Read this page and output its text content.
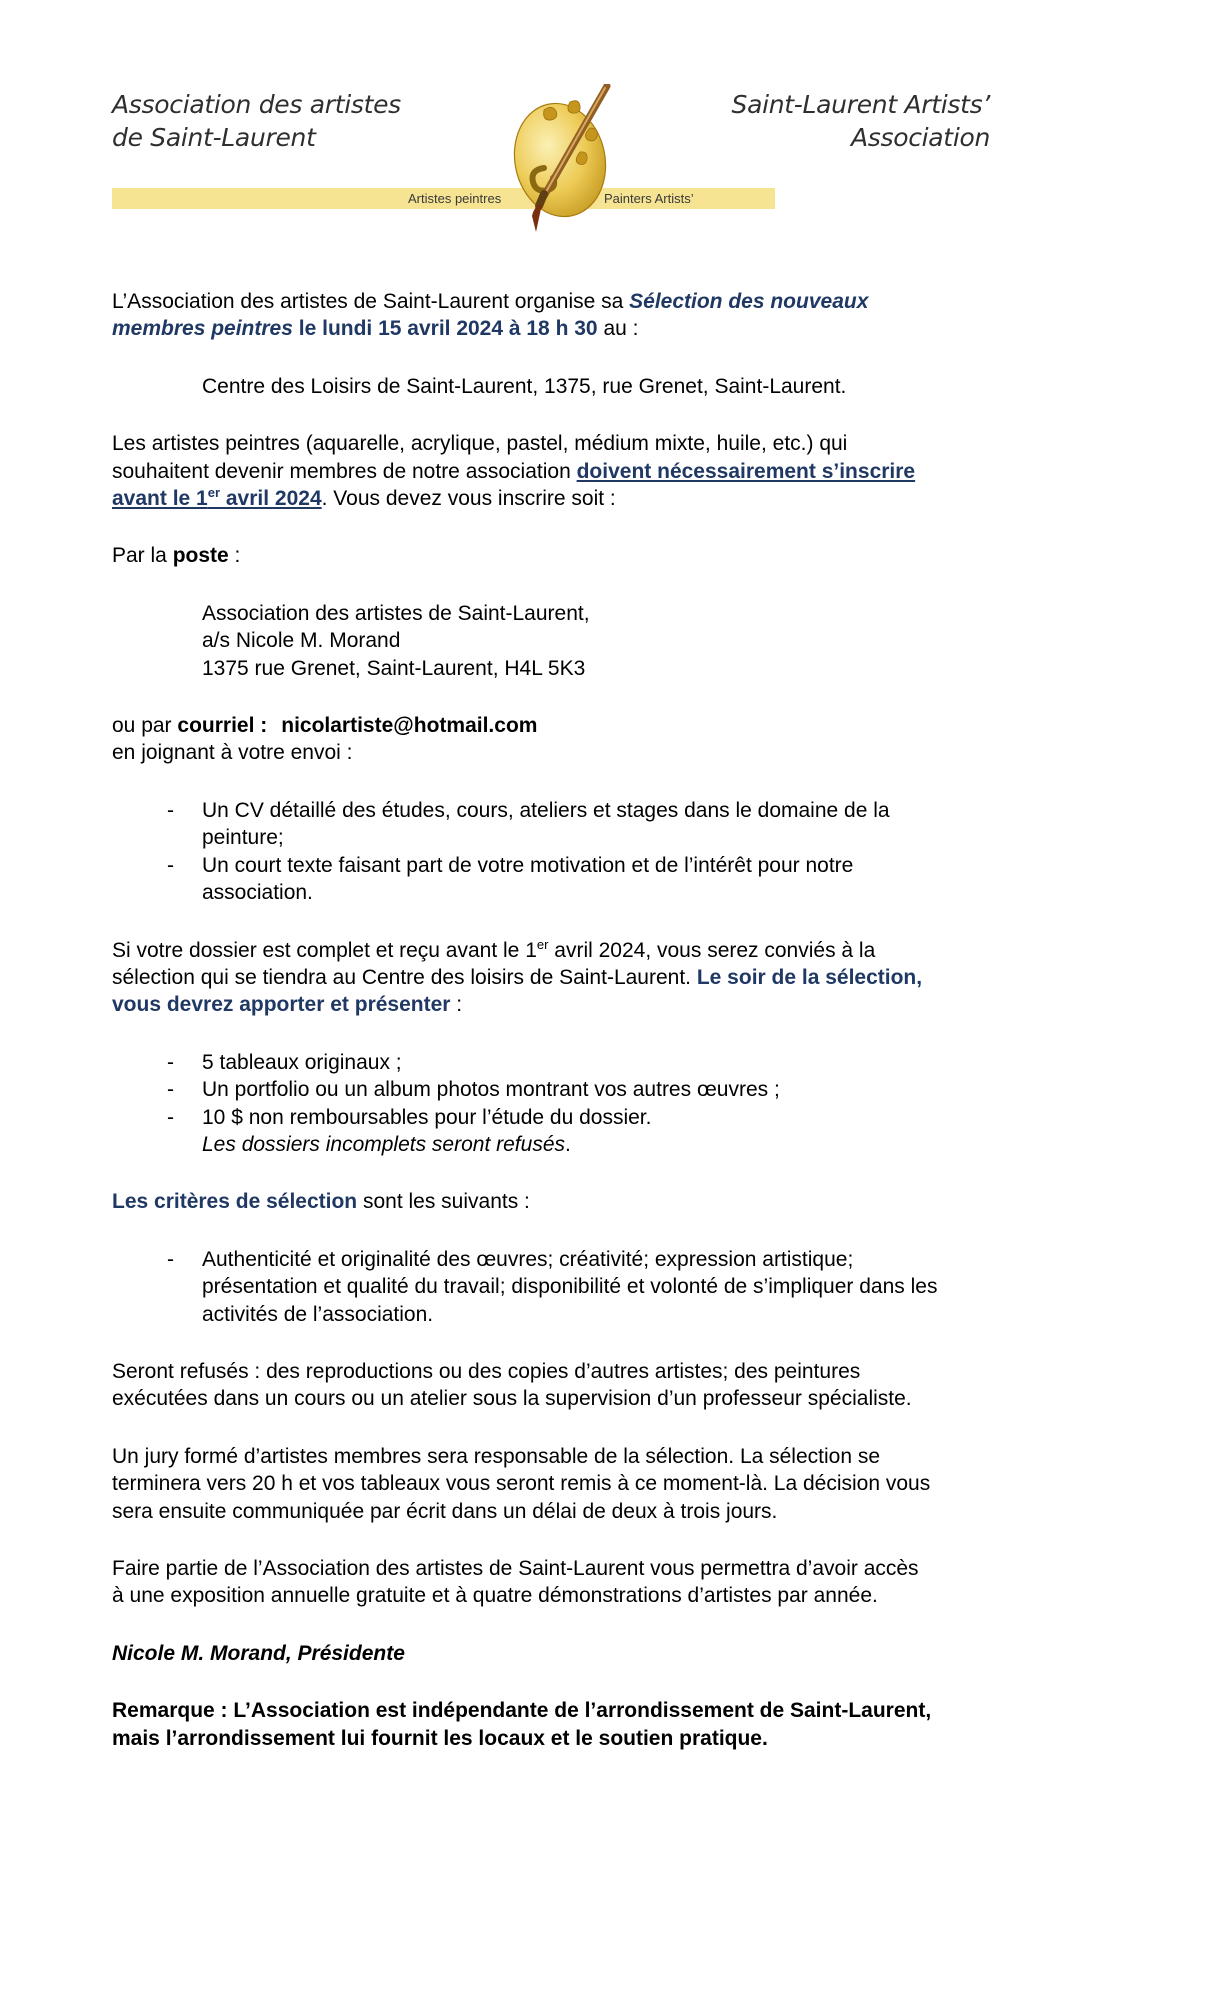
Association des artistes
de Saint-Laurent
Saint-Laurent Artists’
Association
Artistes peintres	Painters Artists’
L’Association des artistes de Saint-Laurent organise sa Sélection des nouveaux
membres peintres le lundi 15 avril 2024 à 18 h 30 au :
Centre des Loisirs de Saint-Laurent, 1375, rue Grenet, Saint-Laurent.
Les artistes peintres (aquarelle, acrylique, pastel, médium mixte, huile, etc.) qui
souhaitent devenir membres de notre association doivent nécessairement s’inscrire
avant le 1er avril 2024. Vous devez vous inscrire soit :
Par la poste :
Association des artistes de Saint-Laurent,
a/s Nicole M. Morand
1375 rue Grenet, Saint-Laurent, H4L 5K3
ou par courriel : nicolartiste@hotmail.com
en joignant à votre envoi :
- Un CV détaillé des études, cours, ateliers et stages dans le domaine de la
peinture;
- Un court texte faisant part de votre motivation et de l’intérêt pour notre
association.
Si votre dossier est complet et reçu avant le 1er avril 2024, vous serez conviés à la
sélection qui se tiendra au Centre des loisirs de Saint-Laurent. Le soir de la sélection,
vous devrez apporter et présenter :
- 5 tableaux originaux ;
- Un portfolio ou un album photos montrant vos autres œuvres ;
- 10 $ non remboursables pour l’étude du dossier.
Les dossiers incomplets seront refusés.
Les critères de sélection sont les suivants :
- Authenticité et originalité des œuvres; créativité; expression artistique;
présentation et qualité du travail; disponibilité et volonté de s’impliquer dans les
activités de l’association.
Seront refusés : des reproductions ou des copies d’autres artistes; des peintures
exécutées dans un cours ou un atelier sous la supervision d’un professeur spécialiste.
Un jury formé d’artistes membres sera responsable de la sélection. La sélection se
terminera vers 20 h et vos tableaux vous seront remis à ce moment-là. La décision vous
sera ensuite communiquée par écrit dans un délai de deux à trois jours.
Faire partie de l’Association des artistes de Saint-Laurent vous permettra d’avoir accès
à une exposition annuelle gratuite et à quatre démonstrations d’artistes par année.
Nicole M. Morand, Présidente
Remarque : L’Association est indépendante de l’arrondissement de Saint-Laurent,
mais l’arrondissement lui fournit les locaux et le soutien pratique.
